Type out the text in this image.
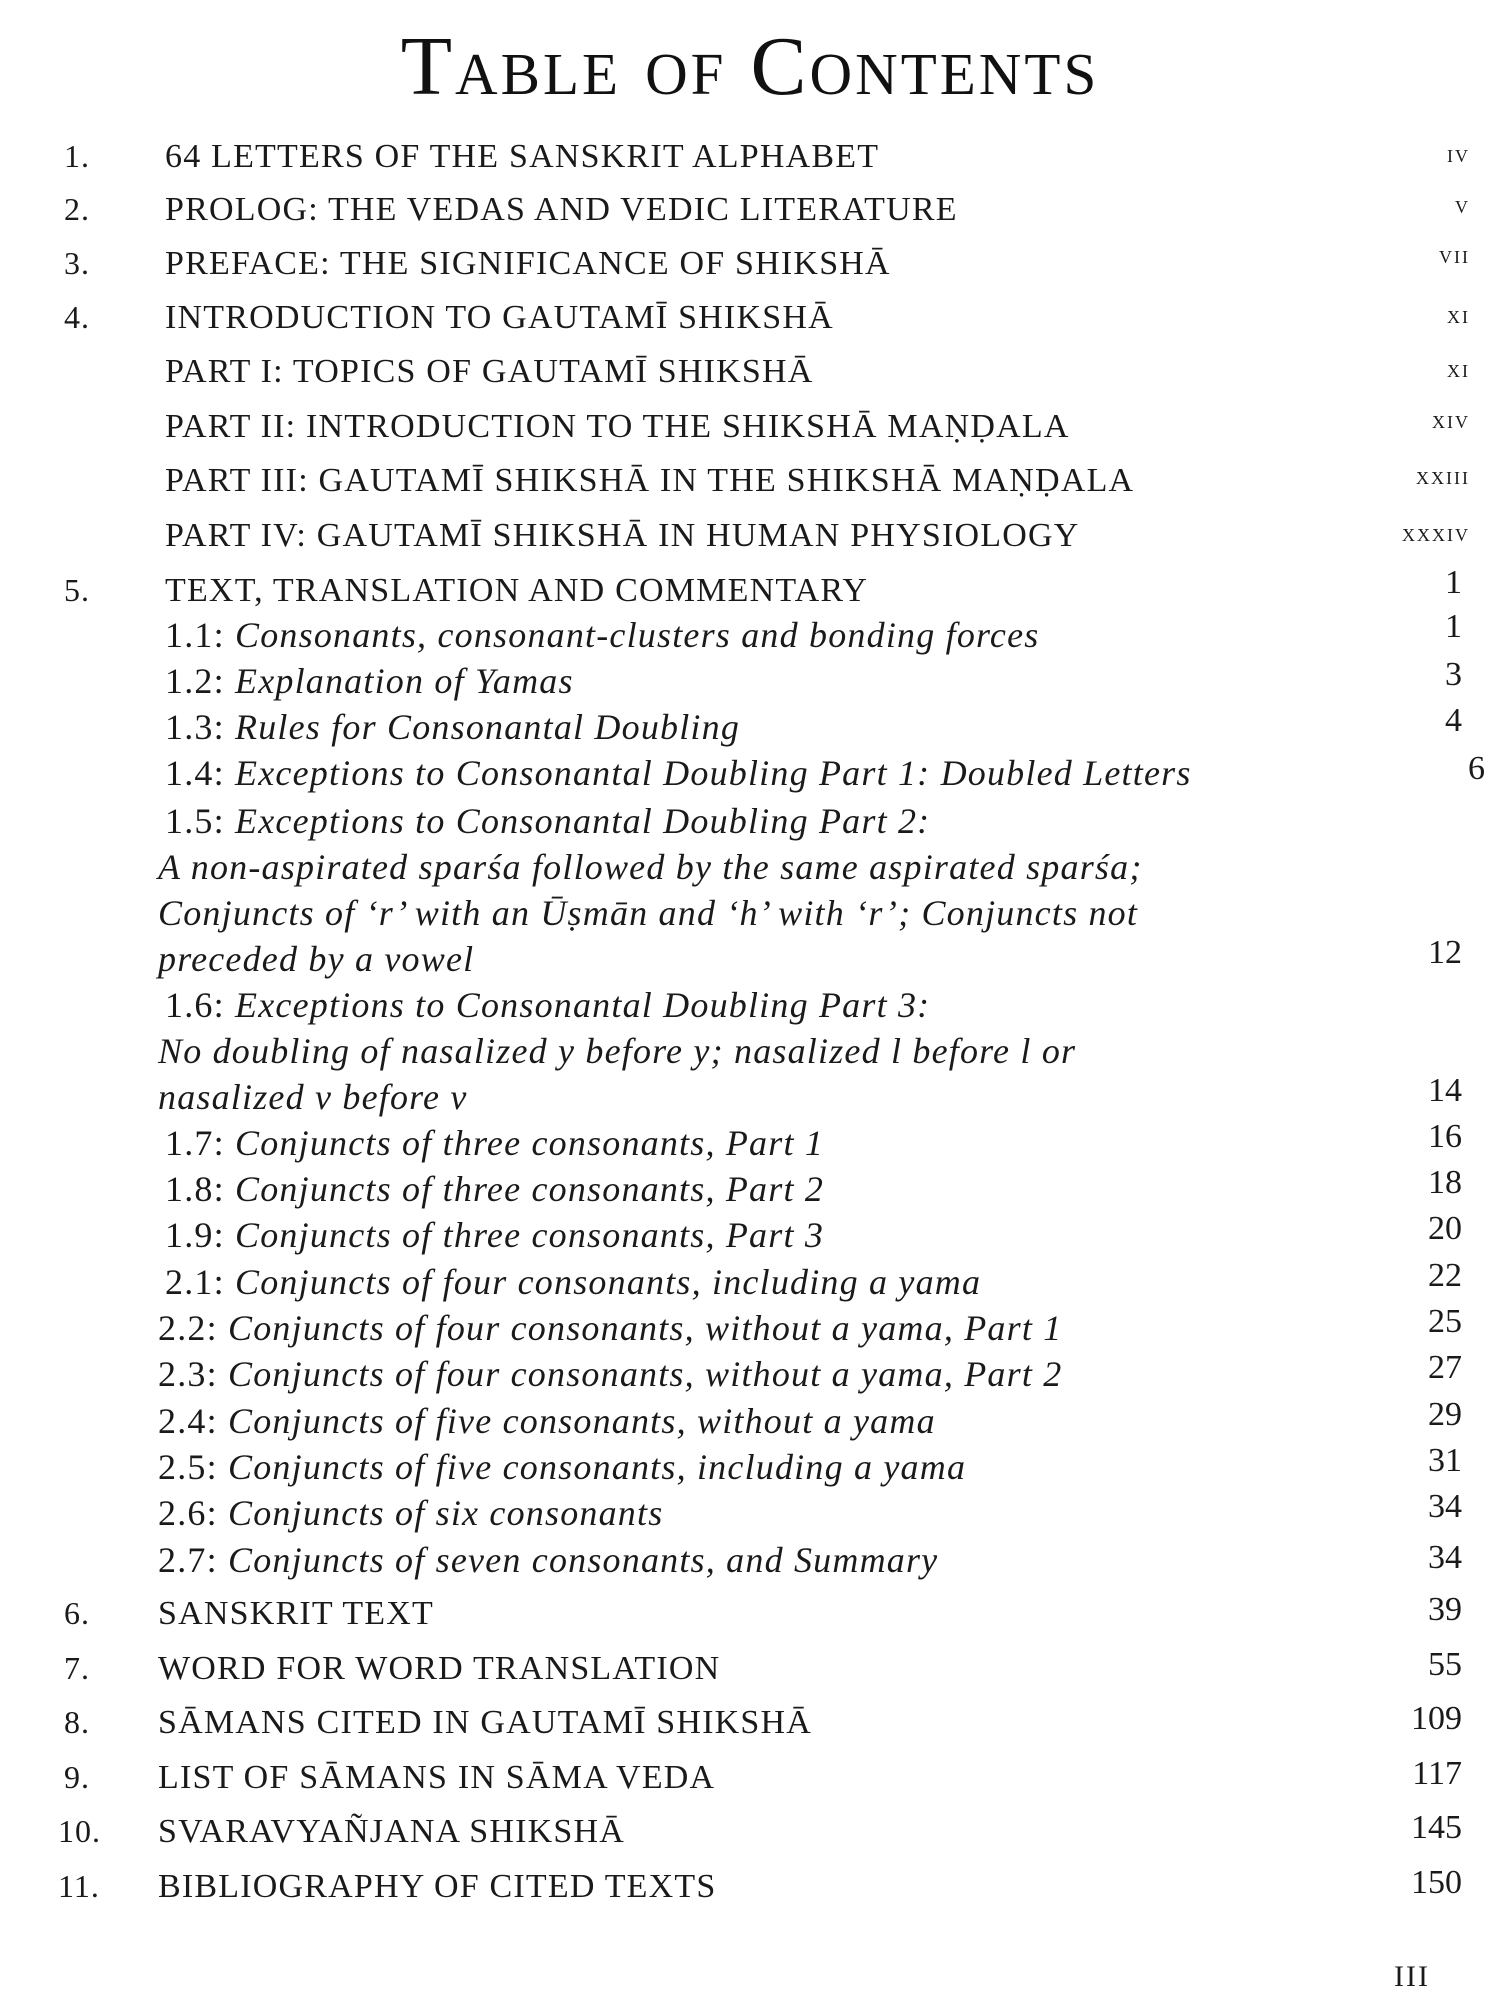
Table of Contents
1. 64 LETTERS OF THE SANSKRIT ALPHABET	IV
2. PROLOG: THE VEDAS AND VEDIC LITERATURE	V
3. PREFACE: THE SIGNIFICANCE OF SHIKSHĀ	VII
4. INTRODUCTION TO GAUTAMĪ SHIKSHĀ	XI
PART I: TOPICS OF GAUTAMĪ SHIKSHĀ	XI
PART II: INTRODUCTION TO THE SHIKSHĀ MAṆḌALA	XIV
PART III: GAUTAMĪ SHIKSHĀ IN THE SHIKSHĀ MAṆḌALA	XXIII
PART IV: GAUTAMĪ SHIKSHĀ IN HUMAN PHYSIOLOGY	XXXIV
5. TEXT, TRANSLATION AND COMMENTARY	1
1.1: Consonants, consonant-clusters and bonding forces	1
1.2: Explanation of Yamas	3
1.3: Rules for Consonantal Doubling	4
1.4: Exceptions to Consonantal Doubling Part 1: Doubled Letters	6
1.5: Exceptions to Consonantal Doubling Part 2:
A non-aspirated sparśa followed by the same aspirated sparśa;
Conjuncts of ‘r’ with an Ūṣmān and ‘h’ with ‘r’; Conjuncts not
preceded by a vowel	12
1.6: Exceptions to Consonantal Doubling Part 3:
No doubling of nasalized y before y; nasalized l before l or
nasalized v before v	14
1.7: Conjuncts of three consonants, Part 1	16
1.8: Conjuncts of three consonants, Part 2	18
1.9: Conjuncts of three consonants, Part 3	20
2.1: Conjuncts of four consonants, including a yama	22
2.2: Conjuncts of four consonants, without a yama, Part 1	25
2.3: Conjuncts of four consonants, without a yama, Part 2	27
2.4: Conjuncts of five consonants, without a yama	29
2.5: Conjuncts of five consonants, including a yama	31
2.6: Conjuncts of six consonants	34
2.7: Conjuncts of seven consonants, and Summary	34
6. SANSKRIT TEXT	39
7. WORD FOR WORD TRANSLATION	55
8. SĀMANS CITED IN GAUTAMĪ SHIKSHĀ	109
9. LIST OF SĀMANS IN SĀMA VEDA	117
10. SVARAVYAÑJANA SHIKSHĀ	145
11. BIBLIOGRAPHY OF CITED TEXTS	150
III
